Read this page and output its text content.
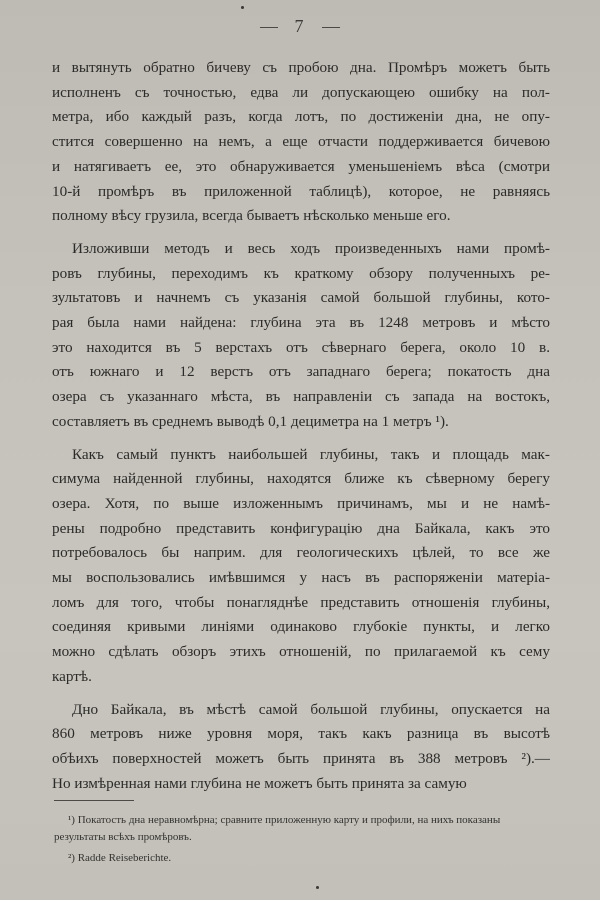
7
и вытянуть обратно бичеву съ пробою дна. Промѣръ можетъ быть
исполненъ съ точностью, едва ли допускающею ошибку на пол-
метра, ибо каждый разъ, когда лотъ, по достиженіи дна, не опу-
стится совершенно на немъ, а еще отчасти поддерживается бичевою
и натягиваетъ ее, это обнаруживается уменьшеніемъ вѣса (смотри
10-й промѣръ въ приложенной таблицѣ), которое, не равняясь
полному вѣсу грузила, всегда бываетъ нѣсколько меньше его.
Изложивши методъ и весь ходъ произведенныхъ нами промѣ-
ровъ глубины, переходимъ къ краткому обзору полученныхъ ре-
зультатовъ и начнемъ съ указанія самой большой глубины, кото-
рая была нами найдена: глубина эта въ 1248 метровъ и мѣсто
это находится въ 5 верстахъ отъ сѣвернаго берега, около 10 в.
отъ южнаго и 12 верстъ отъ западнаго берега; покатость дна
озера съ указаннаго мѣста, въ направленіи съ запада на востокъ,
составляетъ въ среднемъ выводѣ 0,1 дециметра на 1 метръ ¹).
Какъ самый пунктъ наибольшей глубины, такъ и площадь мак-
симума найденной глубины, находятся ближе къ сѣверному берегу
озера. Хотя, по выше изложеннымъ причинамъ, мы и не намѣ-
рены подробно представить конфигурацію дна Байкала, какъ это
потребовалось бы наприм. для геологическихъ цѣлей, то все же
мы воспользовались имѣвшимся у насъ въ распоряженіи матеріа-
ломъ для того, чтобы понагляднѣе представить отношенія глубины,
соединяя кривыми линіями одинаково глубокіе пункты, и легко
можно сдѣлать обзоръ этихъ отношеній, по прилагаемой къ сему
картѣ.
Дно Байкала, въ мѣстѣ самой большой глубины, опускается на
860 метровъ ниже уровня моря, такъ какъ разница въ высотѣ
обѣихъ поверхностей можетъ быть принята въ 388 метровъ ²).—
Но измѣренная нами глубина не можетъ быть принята за самую
¹) Покатость дна неравномѣрна; сравните приложенную карту и профили, на нихъ показаны результаты всѣхъ промѣровъ.
²) Radde Reiseberichte.
